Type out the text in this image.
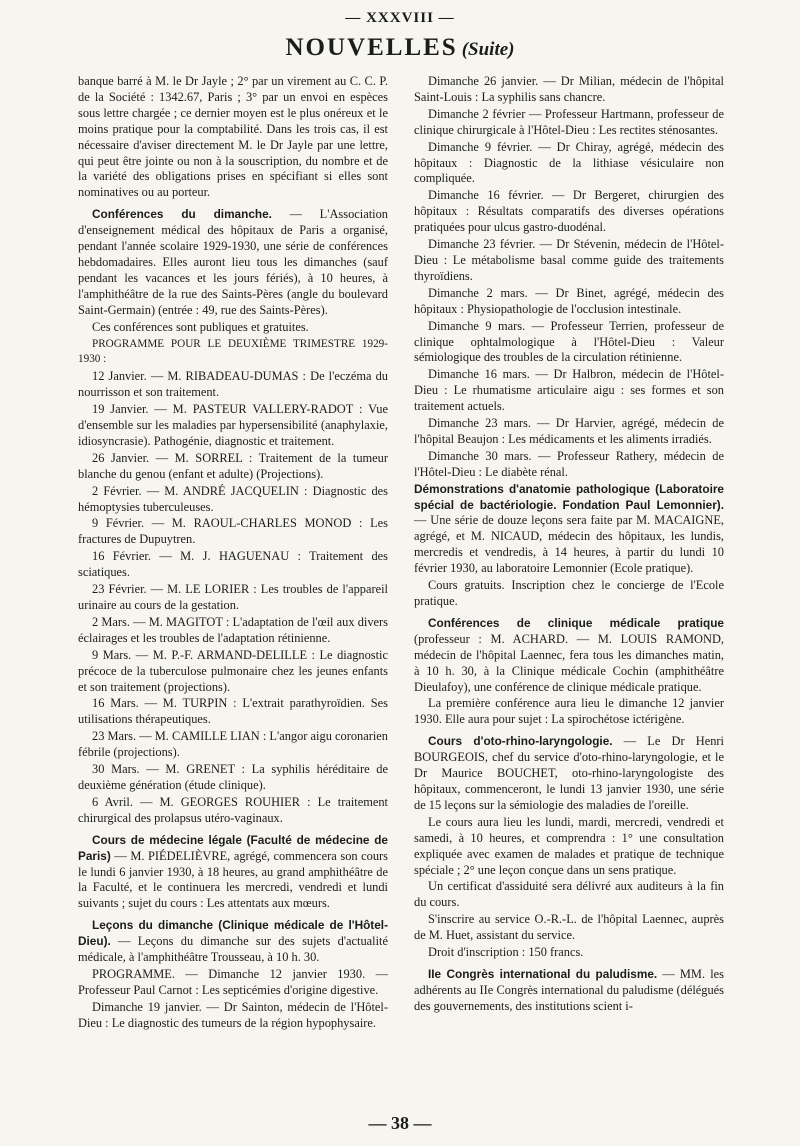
— XXXVIII —
NOUVELLES (Suite)

banque barré à M. le Dr Jayle ; 2° par un virement au C. C. P. de la Société : 1342.67, Paris ; 3° par un envoi en espèces sous lettre chargée ; ce dernier moyen est le plus onéreux et le moins pratique pour la comptabilité. Dans les trois cas, il est nécessaire d'aviser directement M. le Dr Jayle par une lettre, qui peut être jointe ou non à la souscription, du nombre et de la variété des obligations prises en spécifiant si elles sont nominatives ou au porteur.

Conférences du dimanche. — L'Association d'enseignement médical des hôpitaux de Paris a organisé, pendant l'année scolaire 1929-1930, une série de conférences hebdomadaires. Elles auront lieu tous les dimanches (sauf pendant les vacances et les jours fériés), à 10 heures, à l'amphithéâtre de la rue des Saints-Pères (angle du boulevard Saint-Germain) (entrée : 49, rue des Saints-Pères).

Ces conférences sont publiques et gratuites.

PROGRAMME POUR LE DEUXIÈME TRIMESTRE 1929-1930 :

12 Janvier. — M. RIBADEAU-DUMAS : De l'eczéma du nourrisson et son traitement.

19 Janvier. — M. PASTEUR VALLERY-RADOT : Vue d'ensemble sur les maladies par hypersensibilité (anaphylaxie, idiosyncrasie). Pathogénie, diagnostic et traitement.

26 Janvier. — M. SORREL : Traitement de la tumeur blanche du genou (enfant et adulte) (Projections).

2 Février. — M. ANDRÉ JACQUELIN : Diagnostic des hémoptysies tuberculeuses.

9 Février. — M. RAOUL-CHARLES MONOD : Les fractures de Dupuytren.

16 Février. — M. J. HAGUENAU : Traitement des sciatiques.

23 Février. — M. LE LORIER : Les troubles de l'appareil urinaire au cours de la gestation.

2 Mars. — M. MAGITOT : L'adaptation de l'œil aux divers éclairages et les troubles de l'adaptation rétinienne.

9 Mars. — M. P.-F. ARMAND-DELILLE : Le diagnostic précoce de la tuberculose pulmonaire chez les jeunes enfants et son traitement (projections).

16 Mars. — M. TURPIN : L'extrait parathyroïdien. Ses utilisations thérapeutiques.

23 Mars. — M. CAMILLE LIAN : L'angor aigu coronarien fébrile (projections).

30 Mars. — M. GRENET : La syphilis héréditaire de deuxième génération (étude clinique).

6 Avril. — M. GEORGES ROUHIER : Le traitement chirurgical des prolapsus utéro-vaginaux.

Cours de médecine légale (Faculté de médecine de Paris) — M. PIÉDELIÈVRE, agrégé, commencera son cours le lundi 6 janvier 1930, à 18 heures, au grand amphithéâtre de la Faculté, et le continuera les mercredi, vendredi et lundi suivants ; sujet du cours : Les attentats aux mœurs.

Leçons du dimanche (Clinique médicale de l'Hôtel-Dieu). — Leçons du dimanche sur des sujets d'actualité médicale, à l'amphithéâtre Trousseau, à 10 h. 30.

PROGRAMME. — Dimanche 12 janvier 1930. — Professeur Paul Carnot : Les septicémies d'origine digestive.

Dimanche 19 janvier. — Dr Sainton, médecin de l'Hôtel-Dieu : Le diagnostic des tumeurs de la région hypophysaire.

Dimanche 26 janvier. — Dr Milian, médecin de l'hôpital Saint-Louis : La syphilis sans chancre.

Dimanche 2 février — Professeur Hartmann, professeur de clinique chirurgicale à l'Hôtel-Dieu : Les rectites sténosantes.

Dimanche 9 février. — Dr Chiray, agrégé, médecin des hôpitaux : Diagnostic de la lithiase vésiculaire non compliquée.

Dimanche 16 février. — Dr Bergeret, chirurgien des hôpitaux : Résultats comparatifs des diverses opérations pratiquées pour ulcus gastro-duodénal.

Dimanche 23 février. — Dr Stévenin, médecin de l'Hôtel-Dieu : Le métabolisme basal comme guide des traitements thyroïdiens.

Dimanche 2 mars. — Dr Binet, agrégé, médecin des hôpitaux : Physiopathologie de l'occlusion intestinale.

Dimanche 9 mars. — Professeur Terrien, professeur de clinique ophtalmologique à l'Hôtel-Dieu : Valeur sémiologique des troubles de la circulation rétinienne.

Dimanche 16 mars. — Dr Halbron, médecin de l'Hôtel-Dieu : Le rhumatisme articulaire aigu : ses formes et son traitement actuels.

Dimanche 23 mars. — Dr Harvier, agrégé, médecin de l'hôpital Beaujon : Les médicaments et les aliments irradiés.

Dimanche 30 mars. — Professeur Rathery, médecin de l'Hôtel-Dieu : Le diabète rénal.

Démonstrations d'anatomie pathologique (Laboratoire spécial de bactériologie. Fondation Paul Lemonnier). — Une série de douze leçons sera faite par M. MACAIGNE, agrégé, et M. NICAUD, médecin des hôpitaux, les lundis, mercredis et vendredis, à 14 heures, à partir du lundi 10 février 1930, au laboratoire Lemonnier (Ecole pratique).

Cours gratuits. Inscription chez le concierge de l'Ecole pratique.

Conférences de clinique médicale pratique (professeur : M. ACHARD. — M. LOUIS RAMOND, médecin de l'hôpital Laennec, fera tous les dimanches matin, à 10 h. 30, à la Clinique médicale Cochin (amphithéâtre Dieulafoy), une conférence de clinique médicale pratique.

La première conférence aura lieu le dimanche 12 janvier 1930. Elle aura pour sujet : La spirochétose ictérigène.

Cours d'oto-rhino-laryngologie. — Le Dr Henri BOURGEOIS, chef du service d'oto-rhino-laryngologie, et le Dr Maurice BOUCHET, oto-rhino-laryngologiste des hôpitaux, commenceront, le lundi 13 janvier 1930, une série de 15 leçons sur la sémiologie des maladies de l'oreille.

Le cours aura lieu les lundi, mardi, mercredi, vendredi et samedi, à 10 heures, et comprendra : 1° une consultation expliquée avec examen de malades et pratique de technique spéciale ; 2° une leçon conçue dans un sens pratique.

Un certificat d'assiduité sera délivré aux auditeurs à la fin du cours.

S'inscrire au service O.-R.-L. de l'hôpital Laennec, auprès de M. Huet, assistant du service.

Droit d'inscription : 150 francs.

IIe Congrès international du paludisme. — MM. les adhérents au IIe Congrès international du paludisme (délégués des gouvernements, des institutions scient i-

— 38 —
